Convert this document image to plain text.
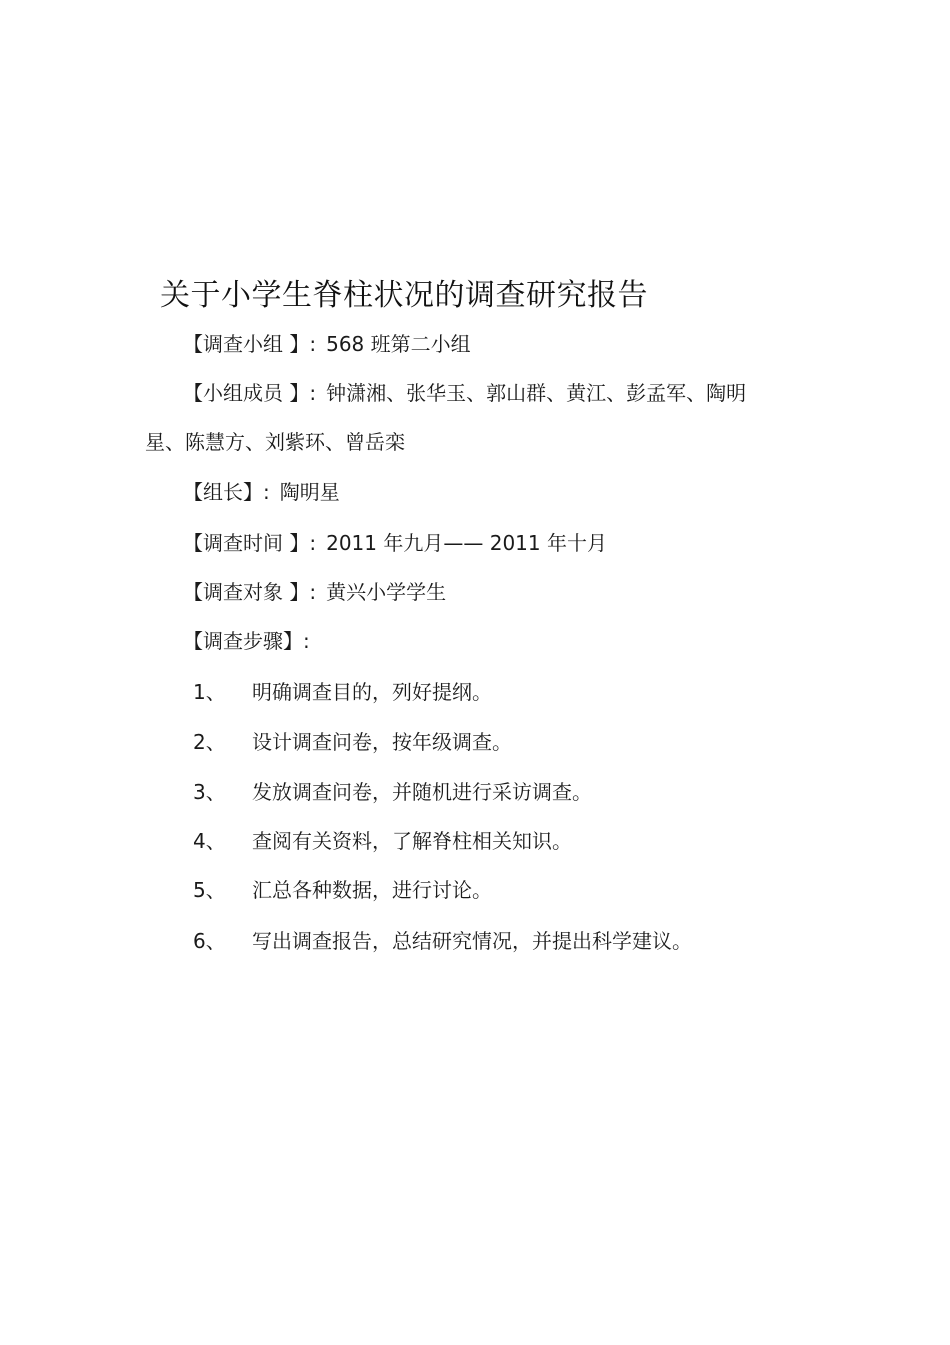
关于小学生脊柱状况的调查研究报告
【调查小组 】: 568 班第二小组
【小组成员 】: 钟潇湘、张华玉、郭山群、黄江、彭孟军、陶明
星、陈慧方、刘紫环、曾岳栾
【组长】: 陶明星
【调查时间 】: 2011 年九月—— 2011 年十月
【调查对象 】: 黄兴小学学生
【调查步骤】:
1、 明确调查目的，列好提纲。
2、 设计调查问卷，按年级调查。
3、 发放调查问卷，并随机进行采访调查。
4、 查阅有关资料，了解脊柱相关知识。
5、 汇总各种数据，进行讨论。
6、 写出调查报告，总结研究情况，并提出科学建议。
